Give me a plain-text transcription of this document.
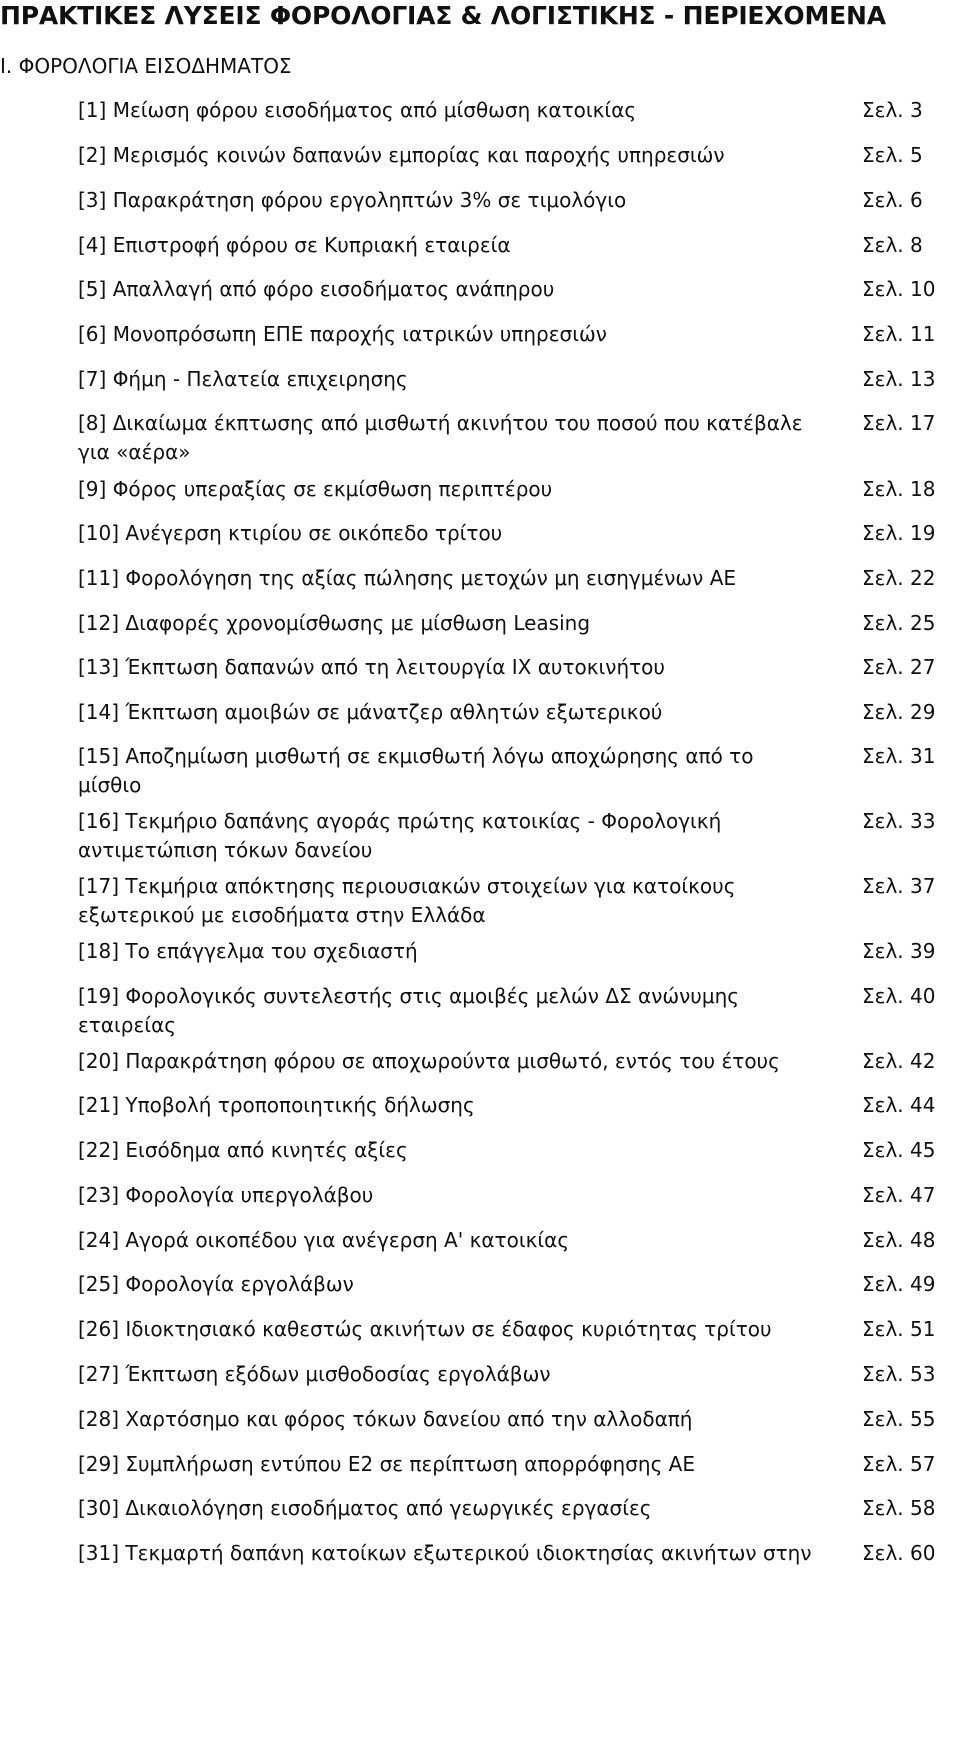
ΠΡΑΚΤΙΚΕΣ ΛΥΣΕΙΣ ΦΟΡΟΛΟΓΙΑΣ & ΛΟΓΙΣΤΙΚΗΣ - ΠΕΡΙΕΧΟΜΕΝΑ
Ι. ΦΟΡΟΛΟΓΙΑ ΕΙΣΟΔΗΜΑΤΟΣ
[1] Μείωση φόρου εισοδήματος από μίσθωση κατοικίας	Σελ. 3
[2] Μερισμός κοινών δαπανών εμπορίας και παροχής υπηρεσιών	Σελ. 5
[3] Παρακράτηση φόρου εργοληπτών 3% σε τιμολόγιο	Σελ. 6
[4] Επιστροφή φόρου σε Κυπριακή εταιρεία	Σελ. 8
[5] Απαλλαγή από φόρο εισοδήματος ανάπηρου	Σελ. 10
[6] Μονοπρόσωπη ΕΠΕ παροχής ιατρικών υπηρεσιών	Σελ. 11
[7] Φήμη - Πελατεία επιχειρησης	Σελ. 13
[8] Δικαίωμα έκπτωσης από μισθωτή ακινήτου του ποσού που κατέβαλε για «αέρα»
Σελ. 17
[9] Φόρος υπεραξίας σε εκμίσθωση περιπτέρου	Σελ. 18
[10] Ανέγερση κτιρίου σε οικόπεδο τρίτου	Σελ. 19
[11] Φορολόγηση της αξίας πώλησης μετοχών μη εισηγμένων ΑΕ	Σελ. 22
[12] Διαφορές χρονομίσθωσης με μίσθωση Leasing	Σελ. 25
[13] Έκπτωση δαπανών από τη λειτουργία ΙΧ αυτοκινήτου	Σελ. 27
[14] Έκπτωση αμοιβών σε μάνατζερ αθλητών εξωτερικού	Σελ. 29
[15] Αποζημίωση μισθωτή σε εκμισθωτή λόγω αποχώρησης από το μίσθιο
Σελ. 31
[16] Τεκμήριο δαπάνης αγοράς πρώτης κατοικίας - Φορολογική αντιμετώπιση τόκων δανείου
Σελ. 33
[17] Τεκμήρια απόκτησης περιουσιακών στοιχείων για κατοίκους εξωτερικού με εισοδήματα στην Ελλάδα
Σελ. 37
[18] Το επάγγελμα του σχεδιαστή	Σελ. 39
[19] Φορολογικός συντελεστής στις αμοιβές μελών ΔΣ ανώνυμης εταιρείας
Σελ. 40
[20] Παρακράτηση φόρου σε αποχωρούντα μισθωτό, εντός του έτους	Σελ. 42
[21] Υποβολή τροποποιητικής δήλωσης	Σελ. 44
[22] Εισόδημα από κινητές αξίες	Σελ. 45
[23] Φορολογία υπεργολάβου	Σελ. 47
[24] Αγορά οικοπέδου για ανέγερση Α' κατοικίας	Σελ. 48
[25] Φορολογία εργολάβων	Σελ. 49
[26] Ιδιοκτησιακό καθεστώς ακινήτων σε έδαφος κυριότητας τρίτου	Σελ. 51
[27] Έκπτωση εξόδων μισθοδοσίας εργολάβων	Σελ. 53
[28] Χαρτόσημο και φόρος τόκων δανείου από την αλλοδαπή	Σελ. 55
[29] Συμπλήρωση εντύπου Ε2 σε περίπτωση απορρόφησης ΑΕ	Σελ. 57
[30] Δικαιολόγηση εισοδήματος από γεωργικές εργασίες	Σελ. 58
[31] Τεκμαρτή δαπάνη κατοίκων εξωτερικού ιδιοκτησίας ακινήτων στην	Σελ. 60
